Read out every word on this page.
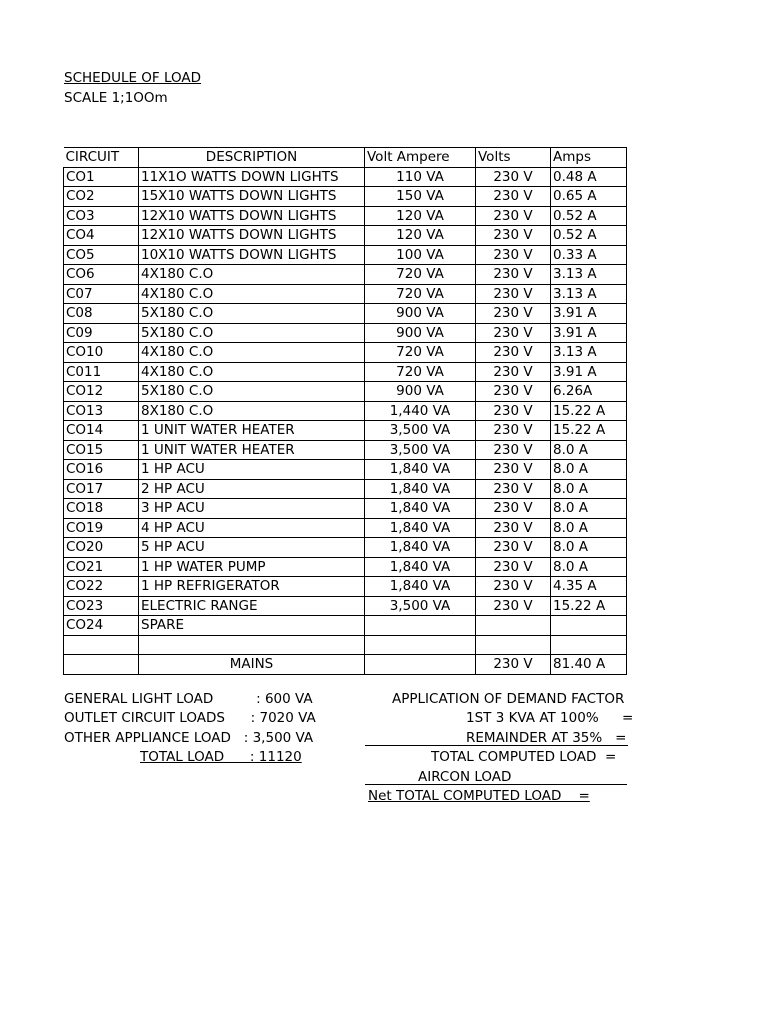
SCHEDULE OF LOAD
SCALE 1;1OOm
CIRCUIT	DESCRIPTION	Volt Ampere	Volts	Amps
CO1	11X1O WATTS DOWN LIGHTS	110 VA	230 V	0.48 A
CO2	15X10 WATTS DOWN LIGHTS	150 VA	230 V	0.65 A
CO3	12X10 WATTS DOWN LIGHTS	120 VA	230 V	0.52 A
CO4	12X10 WATTS DOWN LIGHTS	120 VA	230 V	0.52 A
CO5	10X10 WATTS DOWN LIGHTS	100 VA	230 V	0.33 A
CO6	4X180 C.O	720 VA	230 V	3.13 A
C07	4X180 C.O	720 VA	230 V	3.13 A
C08	5X180 C.O	900 VA	230 V	3.91 A
C09	5X180 C.O	900 VA	230 V	3.91 A
CO10	4X180 C.O	720 VA	230 V	3.13 A
C011	4X180 C.O	720 VA	230 V	3.91 A
CO12	5X180 C.O	900 VA	230 V	6.26A
CO13	8X180 C.O	1,440 VA	230 V	15.22 A
CO14	1 UNIT WATER HEATER	3,500 VA	230 V	15.22 A
CO15	1 UNIT WATER HEATER	3,500 VA	230 V	8.0 A
CO16	1 HP ACU	1,840 VA	230 V	8.0 A
CO17	2 HP ACU	1,840 VA	230 V	8.0 A
CO18	3 HP ACU	1,840 VA	230 V	8.0 A
CO19	4 HP ACU	1,840 VA	230 V	8.0 A
CO20	5 HP ACU	1,840 VA	230 V	8.0 A
CO21	1 HP WATER PUMP	1,840 VA	230 V	8.0 A
CO22	1 HP REFRIGERATOR	1,840 VA	230 V	4.35 A
CO23	ELECTRIC RANGE	3,500 VA	230 V	15.22 A
CO24	SPARE			

	MAINS		230 V	81.40 A
GENERAL LIGHT LOAD          : 600 VA
OUTLET CIRCUIT LOADS      : 7020 VA
OTHER APPLIANCE LOAD   : 3,500 VA
TOTAL LOAD      : 11120
APPLICATION OF DEMAND FACTOR
1ST 3 KVA AT 100% =
REMAINDER AT 35%   =
TOTAL COMPUTED LOAD  =
AIRCON LOAD
Net TOTAL COMPUTED LOAD    =
